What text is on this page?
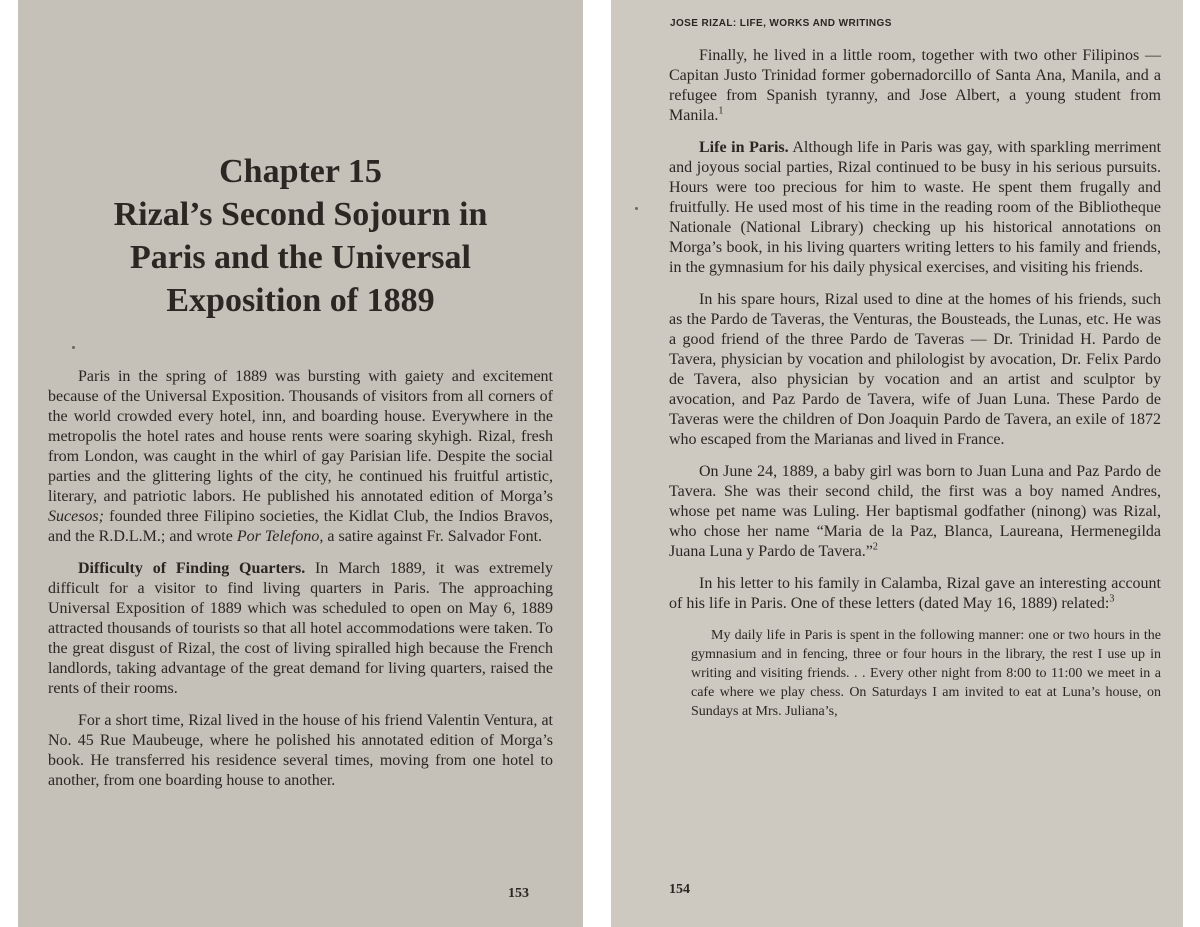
Chapter 15
Rizal’s Second Sojourn in
Paris and the Universal
Exposition of 1889

Paris in the spring of 1889 was bursting with gaiety and excitement because of the Universal Exposition. Thousands of visitors from all corners of the world crowded every hotel, inn, and boarding house. Everywhere in the metropolis the hotel rates and house rents were soaring skyhigh. Rizal, fresh from London, was caught in the whirl of gay Parisian life. Despite the social parties and the glittering lights of the city, he continued his fruitful artistic, literary, and patriotic labors. He published his annotated edition of Morga’s Sucesos; founded three Filipino societies, the Kidlat Club, the Indios Bravos, and the R.D.L.M.; and wrote Por Telefono, a satire against Fr. Salvador Font.

Difficulty of Finding Quarters. In March 1889, it was extremely difficult for a visitor to find living quarters in Paris. The approaching Universal Exposition of 1889 which was scheduled to open on May 6, 1889 attracted thousands of tourists so that all hotel accommodations were taken. To the great disgust of Rizal, the cost of living spiralled high because the French landlords, taking advantage of the great demand for living quarters, raised the rents of their rooms.

For a short time, Rizal lived in the house of his friend Valentin Ventura, at No. 45 Rue Maubeuge, where he polished his annotated edition of Morga’s book. He transferred his residence several times, moving from one hotel to another, from one boarding house to another.

153
JOSE RIZAL: LIFE, WORKS AND WRITINGS

Finally, he lived in a little room, together with two other Filipinos — Capitan Justo Trinidad former gobernadorcillo of Santa Ana, Manila, and a refugee from Spanish tyranny, and Jose Albert, a young student from Manila.$^1$

Life in Paris. Although life in Paris was gay, with sparkling merriment and joyous social parties, Rizal continued to be busy in his serious pursuits. Hours were too precious for him to waste. He spent them frugally and fruitfully. He used most of his time in the reading room of the Bibliotheque Nationale (National Library) checking up his historical annotations on Morga’s book, in his living quarters writing letters to his family and friends, in the gymnasium for his daily physical exercises, and visiting his friends.

In his spare hours, Rizal used to dine at the homes of his friends, such as the Pardo de Taveras, the Venturas, the Bousteads, the Lunas, etc. He was a good friend of the three Pardo de Taveras — Dr. Trinidad H. Pardo de Tavera, physician by vocation and philologist by avocation, Dr. Felix Pardo de Tavera, also physician by vocation and an artist and sculptor by avocation, and Paz Pardo de Tavera, wife of Juan Luna. These Pardo de Taveras were the children of Don Joaquin Pardo de Tavera, an exile of 1872 who escaped from the Marianas and lived in France.

On June 24, 1889, a baby girl was born to Juan Luna and Paz Pardo de Tavera. She was their second child, the first was a boy named Andres, whose pet name was Luling. Her baptismal godfather (ninong) was Rizal, who chose her name “Maria de la Paz, Blanca, Laureana, Hermenegilda Juana Luna y Pardo de Tavera.”$^2$

In his letter to his family in Calamba, Rizal gave an interesting account of his life in Paris. One of these letters (dated May 16, 1889) related:$^3$

My daily life in Paris is spent in the following manner: one or two hours in the gymnasium and in fencing, three or four hours in the library, the rest I use up in writing and visiting friends. . . Every other night from 8:00 to 11:00 we meet in a cafe where we play chess. On Saturdays I am invited to eat at Luna’s house, on Sundays at Mrs. Juliana’s,

154
